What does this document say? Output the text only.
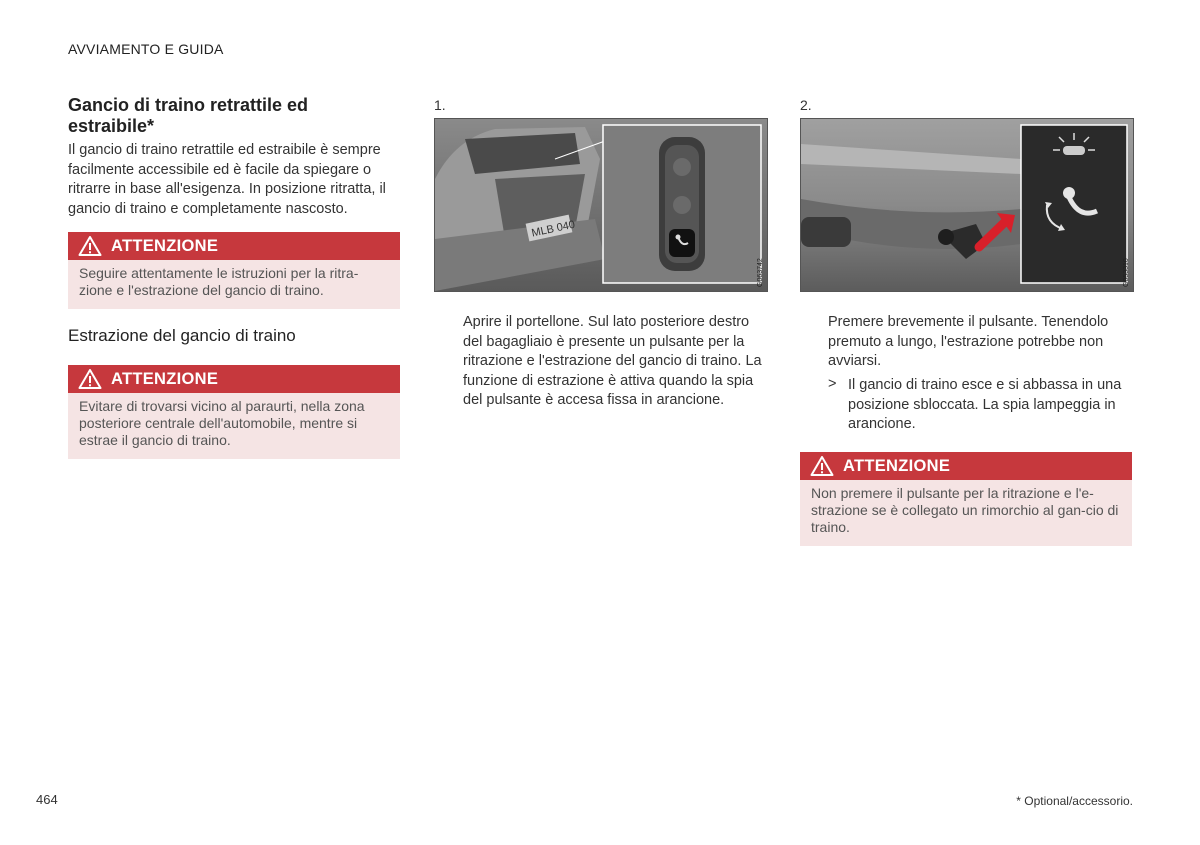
AVVIAMENTO E GUIDA
Gancio di traino retrattile ed estraibile*
Il gancio di traino retrattile ed estraibile è sempre facilmente accessibile ed è facile da spiegare o ritrarre in base all'esigenza. In posizione ritratta, il gancio di traino e completamente nascosto.
ATTENZIONE
Seguire attentamente le istruzioni per la ritra-zione e l'estrazione del gancio di traino.
Estrazione del gancio di traino
ATTENZIONE
Evitare di trovarsi vicino al paraurti, nella zona posteriore centrale dell'automobile, mentre si estrae il gancio di traino.
1.
MLB 040
G063742
Aprire il portellone. Sul lato posteriore destro del bagagliaio è presente un pulsante per la ritrazione e l'estrazione del gancio di traino. La funzione di estrazione è attiva quando la spia del pulsante è accesa fissa in arancione.
2.
G053310
Premere brevemente il pulsante. Tenendolo premuto a lungo, l'estrazione potrebbe non avviarsi.
> Il gancio di traino esce e si abbassa in una posizione sbloccata. La spia lampeggia in arancione.
ATTENZIONE
Non premere il pulsante per la ritrazione e l'e-strazione se è collegato un rimorchio al gan-cio di traino.
464	* Optional/accessorio.
